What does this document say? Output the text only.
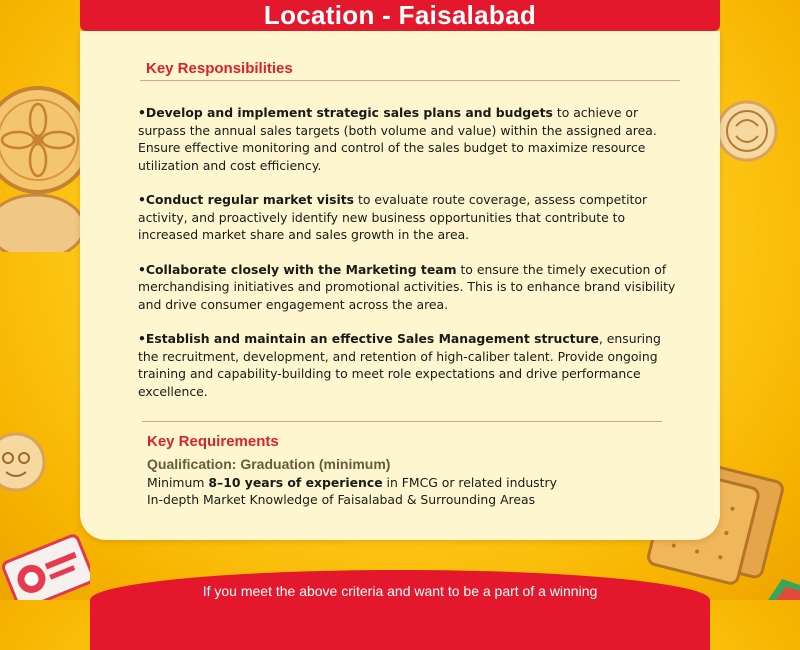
Location - Faisalabad
Key Responsibilities

•Develop and implement strategic sales plans and budgets to achieve or surpass the annual sales targets (both volume and value) within the assigned area. Ensure effective monitoring and control of the sales budget to maximize resource utilization and cost efficiency.

•Conduct regular market visits to evaluate route coverage, assess competitor activity, and proactively identify new business opportunities that contribute to increased market share and sales growth in the area.

•Collaborate closely with the Marketing team to ensure the timely execution of merchandising initiatives and promotional activities. This is to enhance brand visibility and drive consumer engagement across the area.

•Establish and maintain an effective Sales Management structure, ensuring the recruitment, development, and retention of high-caliber talent. Provide ongoing training and capability-building to meet role expectations and drive performance excellence.

Key Requirements
Qualification: Graduation (minimum)
Minimum 8–10 years of experience in FMCG or related industry
In-depth Market Knowledge of Faisalabad & Surrounding Areas
If you meet the above criteria and want to be a part of a winning
